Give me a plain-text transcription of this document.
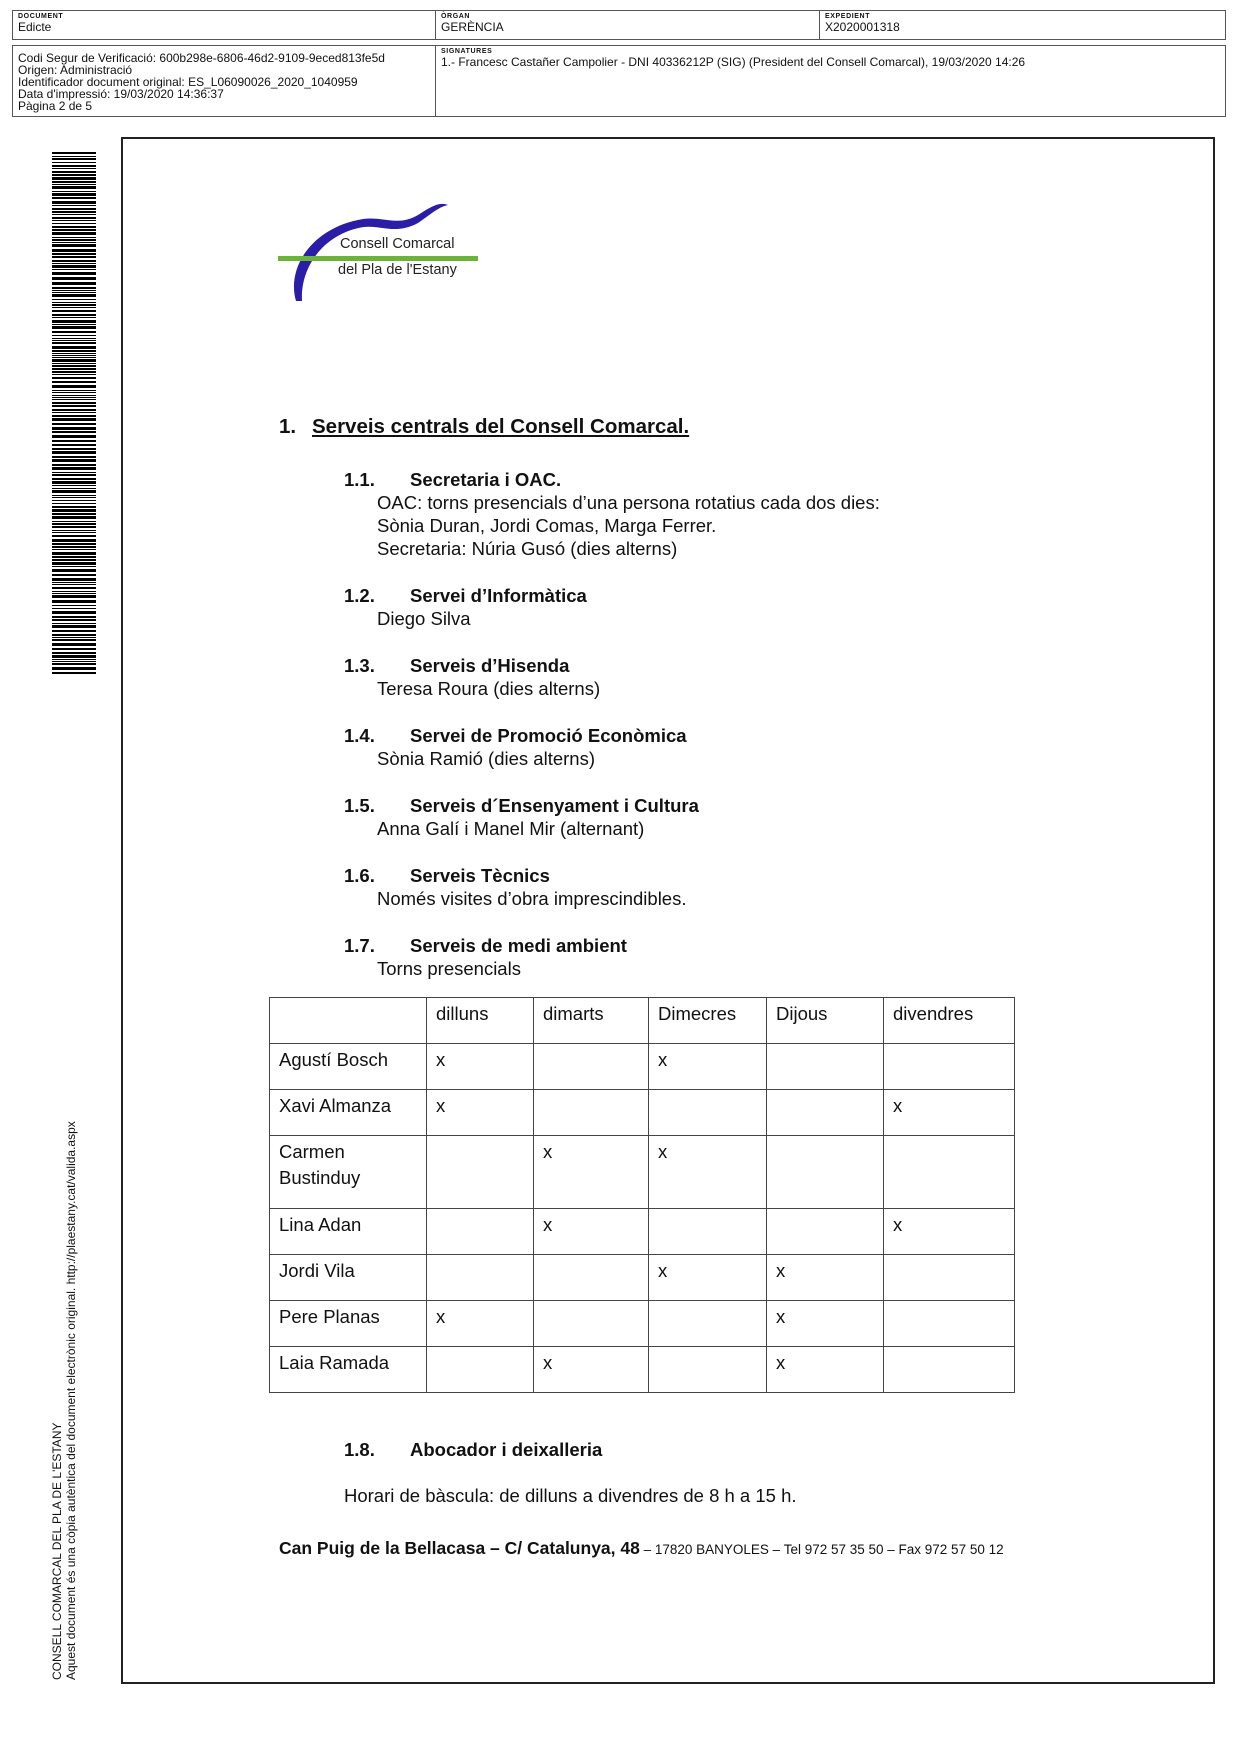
DOCUMENT
Edicte
ÒRGAN
GERÈNCIA
EXPEDIENT
X2020001318
Codi Segur de Verificació: 600b298e-6806-46d2-9109-9eced813fe5d
Origen: Administració
Identificador document original: ES_L06090026_2020_1040959
Data d'impressió: 19/03/2020 14:36:37
Pàgina 2 de 5
SIGNATURES
1.- Francesc Castañer Campolier - DNI 40336212P (SIG) (President del Consell Comarcal), 19/03/2020 14:26
CONSELL COMARCAL DEL PLA DE L'ESTANY Aquest document és una còpia autèntica del document electrònic original. http://plaestany.cat/valida.aspx
Consell Comarcal
del Pla de l'Estany
1. Serveis centrals del Consell Comarcal.
1.1. Secretaria i OAC.
OAC: torns presencials d’una persona rotatius cada dos dies:
Sònia Duran, Jordi Comas, Marga Ferrer.
Secretaria: Núria Gusó (dies alterns)
1.2. Servei d’Informàtica
Diego Silva
1.3. Serveis d’Hisenda
Teresa Roura (dies alterns)
1.4. Servei de Promoció Econòmica
Sònia Ramió (dies alterns)
1.5. Serveis d´Ensenyament i Cultura
Anna Galí i Manel Mir (alternant)
1.6. Serveis Tècnics
Només visites d’obra imprescindibles.
1.7. Serveis de medi ambient
Torns presencials
	dilluns	dimarts	Dimecres	Dijous	divendres
Agustí Bosch	x		x		
Xavi Almanza	x				x
Carmen Bustinduy		x	x		
Lina Adan		x			x
Jordi Vila			x	x	
Pere Planas	x			x	
Laia Ramada		x		x	
1.8. Abocador i deixalleria
Horari de bàscula: de dilluns a divendres de 8 h a 15 h.
Can Puig de la Bellacasa – C/ Catalunya, 48 – 17820 BANYOLES – Tel 972 57 35 50 – Fax 972 57 50 12
